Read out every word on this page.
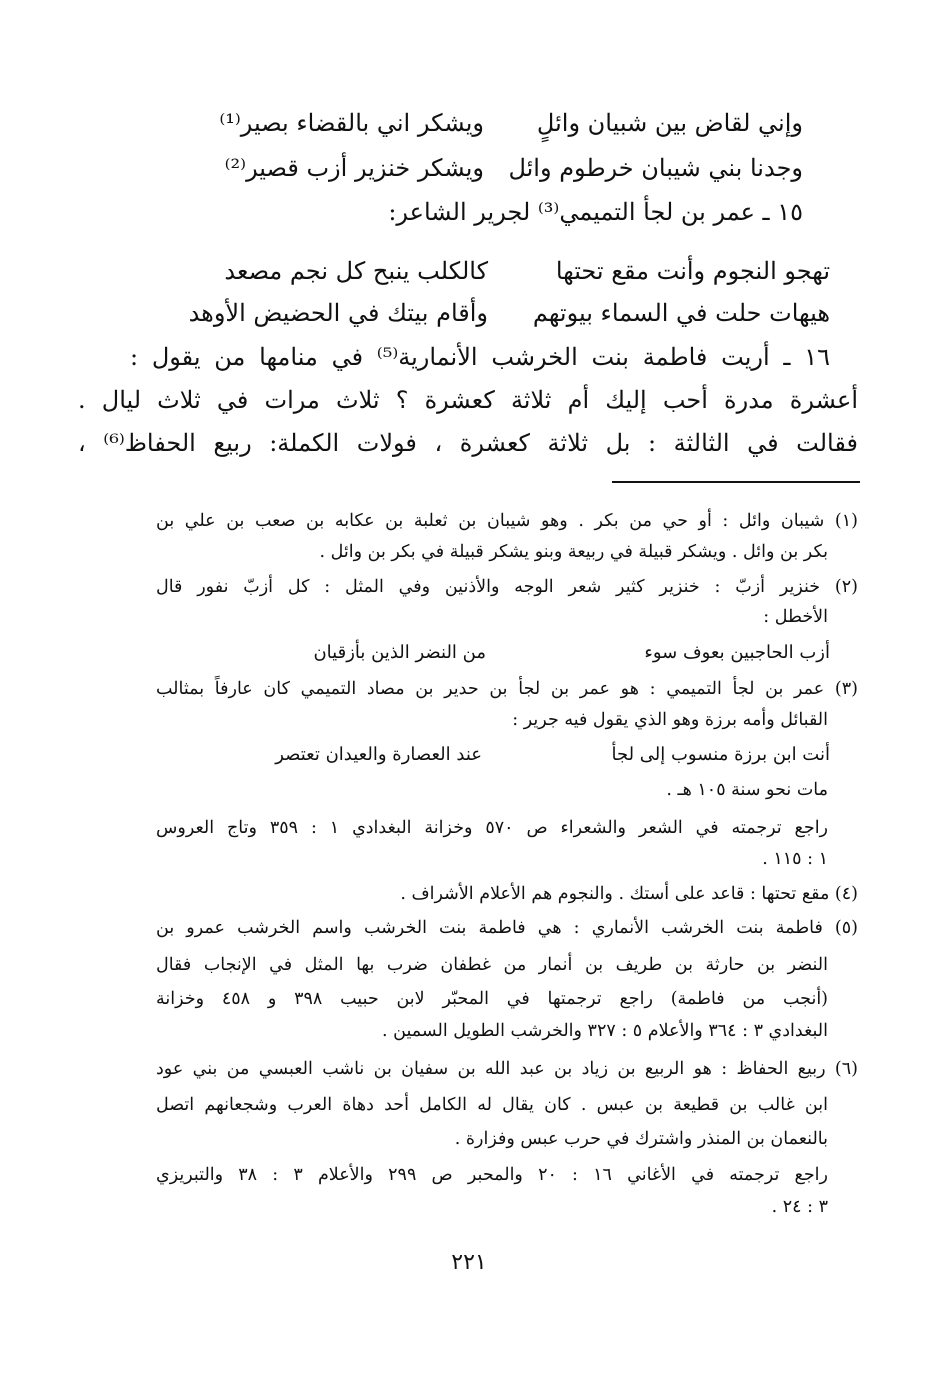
وإني لقاض بين شبيان وائلٍ
ويشكر اني بالقضاء بصير⁽¹⁾
وجدنا بني شيبان خرطوم وائل
ويشكر خنزير أزب قصير⁽²⁾
١٥ ـ عمر بن لجأ التميمي⁽³⁾ لجرير الشاعر:
تهجو النجوم وأنت مقع تحتها
كالكلب ينبح كل نجم مصعد
هيهات حلت في السماء بيوتهم
وأقام بيتك في الحضيض الأوهد
١٦ ـ أريت فاطمة بنت الخرشب الأنمارية⁽⁵⁾ في منامها من يقول :
أعشرة مدرة أحب إليك أم ثلاثة كعشرة ؟ ثلاث مرات في ثلاث ليال .
فقالت في الثالثة : بل ثلاثة كعشرة ، فولات الكملة: ربيع الحفاظ⁽⁶⁾ ،
(١) شيبان وائل : أو حي من بكر . وهو شيبان بن ثعلبة بن عكابه بن صعب بن علي بن
بكر بن وائل . ويشكر قبيلة في ربيعة وبنو يشكر قبيلة في بكر بن وائل .
(٢) خنزير أزبّ : خنزير كثير شعر الوجه والأذنين وفي المثل : كل أزبّ نفور قال
الأخطل :
أزب الحاجبين بعوف سوء
من النضر الذين بأزقيان
(٣) عمر بن لجأ التميمي : هو عمر بن لجأ بن حدير بن مصاد التميمي كان عارفاً بمثالب
القبائل وأمه برزة وهو الذي يقول فيه جرير :
أنت ابن برزة منسوب إلى لجأ
عند العصارة والعيدان تعتصر
مات نحو سنة ١٠٥ هـ .
راجع ترجمته في الشعر والشعراء ص ٥٧٠ وخزانة البغدادي ١ : ٣٥٩ وتاج العروس
١ : ١١٥ .
(٤) مقع تحتها : قاعد على أستك . والنجوم هم الأعلام الأشراف .
(٥) فاطمة بنت الخرشب الأنماري : هي فاطمة بنت الخرشب واسم الخرشب عمرو بن
النضر بن حارثة بن طريف بن أنمار من غطفان ضرب بها المثل في الإنجاب فقال
(أنجب من فاطمة) راجع ترجمتها في المحبّر لابن حبيب ٣٩٨ و ٤٥٨ وخزانة
البغدادي ٣ : ٣٦٤ والأعلام ٥ : ٣٢٧ والخرشب الطويل السمين .
(٦) ربيع الحفاظ : هو الربيع بن زياد بن عبد الله بن سفيان بن ناشب العبسي من بني عود
ابن غالب بن قطيعة بن عبس . كان يقال له الكامل أحد دهاة العرب وشجعانهم اتصل
بالنعمان بن المنذر واشترك في حرب عبس وفزارة .
راجع ترجمته في الأغاني ١٦ : ٢٠ والمحبر ص ٢٩٩ والأعلام ٣ : ٣٨ والتبريزي
٣ : ٢٤ .
٢٢١
